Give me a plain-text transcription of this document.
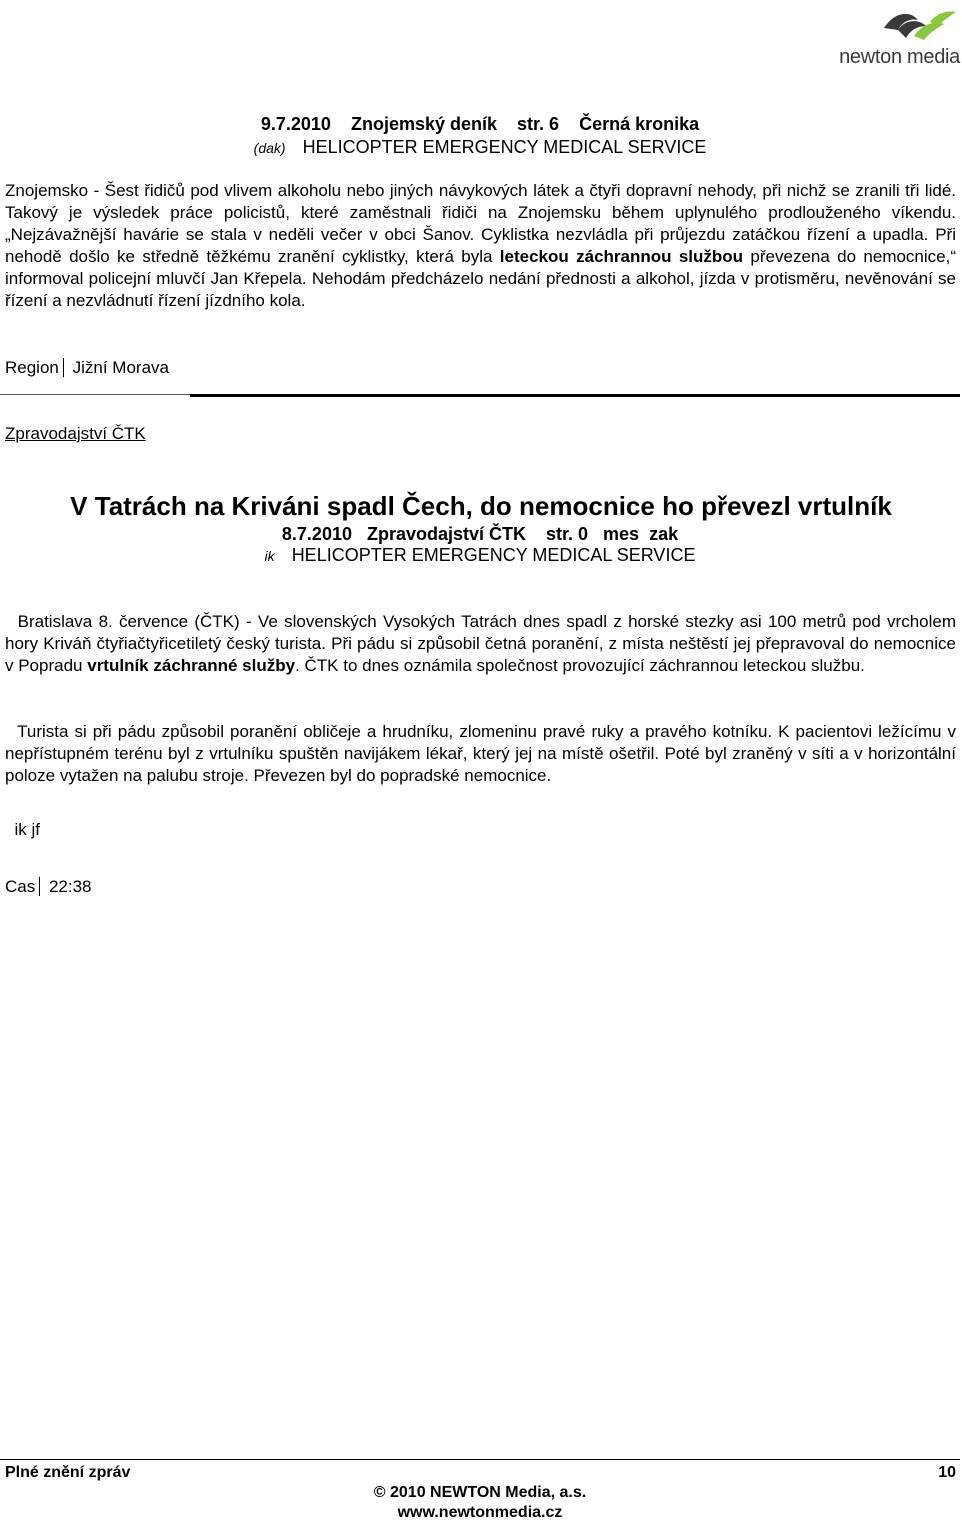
newton media
9.7.2010 Znojemský deník str. 6 Černá kronika
(dak) HELICOPTER EMERGENCY MEDICAL SERVICE
Znojemsko - Šest řidičů pod vlivem alkoholu nebo jiných návykových látek a čtyři dopravní nehody, při nichž se zranili tři lidé. Takový je výsledek práce policistů, které zaměstnali řidiči na Znojemsku během uplynulého prodlouženého víkendu. „Nejzávažnější havárie se stala v neděli večer v obci Šanov. Cyklistka nezvládla při průjezdu zatáčkou řízení a upadla. Při nehodě došlo ke středně těžkému zranění cyklistky, která byla leteckou záchrannou službou převezena do nemocnice,“ informoval policejní mluvčí Jan Křepela. Nehodám předcházelo nedání přednosti a alkohol, jízda v protisměru, nevěnování se řízení a nezvládnutí řízení jízdního kola.
Region Jižní Morava
Zpravodajství ČTK
V Tatrách na Kriváni spadl Čech, do nemocnice ho převezl vrtulník
8.7.2010   Zpravodajství ČTK    str. 0   mes  zak
ik HELICOPTER EMERGENCY MEDICAL SERVICE
Bratislava 8. července (ČTK) - Ve slovenských Vysokých Tatrách dnes spadl z horské stezky asi 100 metrů pod vrcholem hory Kriváň čtyřiačtyřicetiletý český turista. Při pádu si způsobil četná poranění, z místa neštěstí jej přepravoval do nemocnice v Popradu vrtulník záchranné služby. ČTK to dnes oznámila společnost provozující záchrannou leteckou službu.
Turista si při pádu způsobil poranění obličeje a hrudníku, zlomeninu pravé ruky a pravého kotníku. K pacientovi ležícímu v nepřístupném terénu byl z vrtulníku spuštěn navijákem lékař, který jej na místě ošetřil. Poté byl zraněný v síti a v horizontální poloze vytažen na palubu stroje. Převezen byl do popradské nemocnice.
ik jf
Cas 22:38
Plné znění zpráv	10
© 2010 NEWTON Media, a.s.
www.newtonmedia.cz
